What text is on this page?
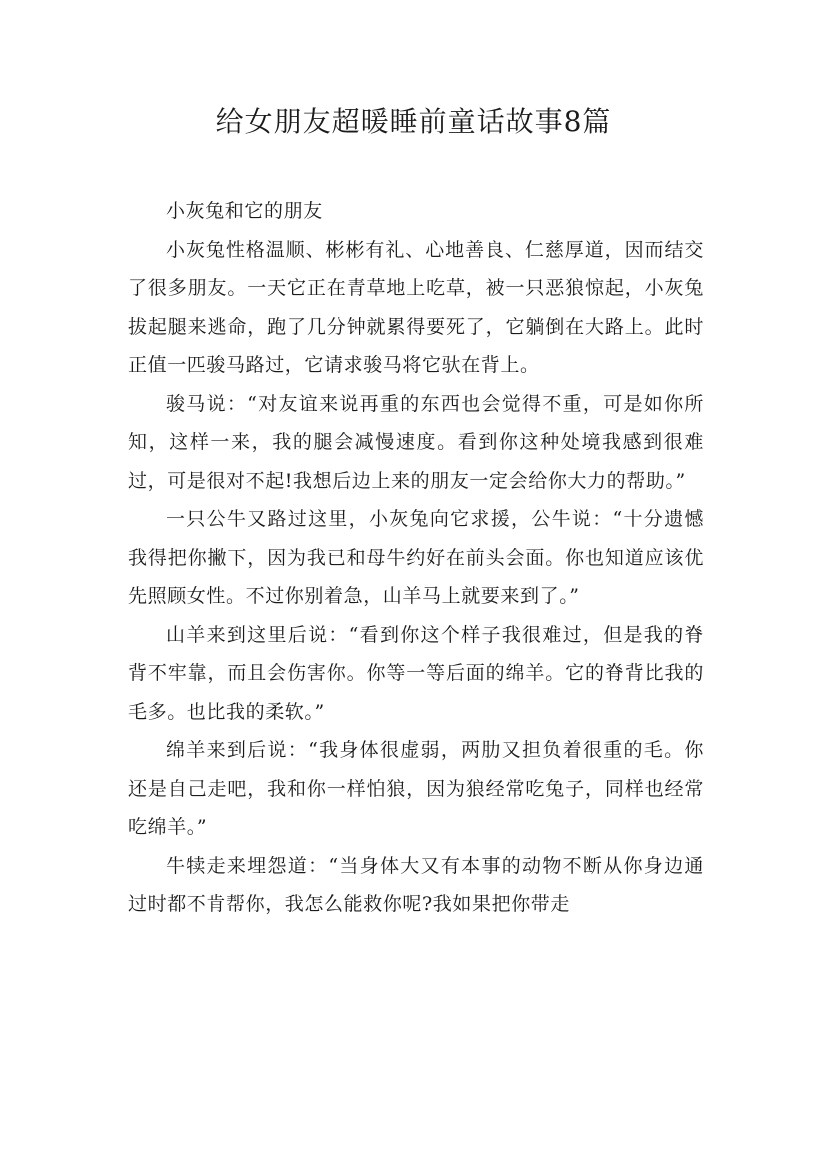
给女朋友超暖睡前童话故事8篇

小灰兔和它的朋友

小灰兔性格温顺、彬彬有礼、心地善良、仁慈厚道，因而结交了很多朋友。一天它正在青草地上吃草，被一只恶狼惊起，小灰兔拔起腿来逃命，跑了几分钟就累得要死了，它躺倒在大路上。此时正值一匹骏马路过，它请求骏马将它驮在背上。

骏马说：“对友谊来说再重的东西也会觉得不重，可是如你所知，这样一来，我的腿会减慢速度。看到你这种处境我感到很难过，可是很对不起!我想后边上来的朋友一定会给你大力的帮助。”

一只公牛又路过这里，小灰兔向它求援，公牛说：“十分遗憾我得把你撇下，因为我已和母牛约好在前头会面。你也知道应该优先照顾女性。不过你别着急，山羊马上就要来到了。”

山羊来到这里后说：“看到你这个样子我很难过，但是我的脊背不牢靠，而且会伤害你。你等一等后面的绵羊。它的脊背比我的毛多。也比我的柔软。”

绵羊来到后说：“我身体很虚弱，两肋又担负着很重的毛。你还是自己走吧，我和你一样怕狼，因为狼经常吃兔子，同样也经常吃绵羊。”

牛犊走来埋怨道：“当身体大又有本事的动物不断从你身边通过时都不肯帮你，我怎么能救你呢?我如果把你带走
